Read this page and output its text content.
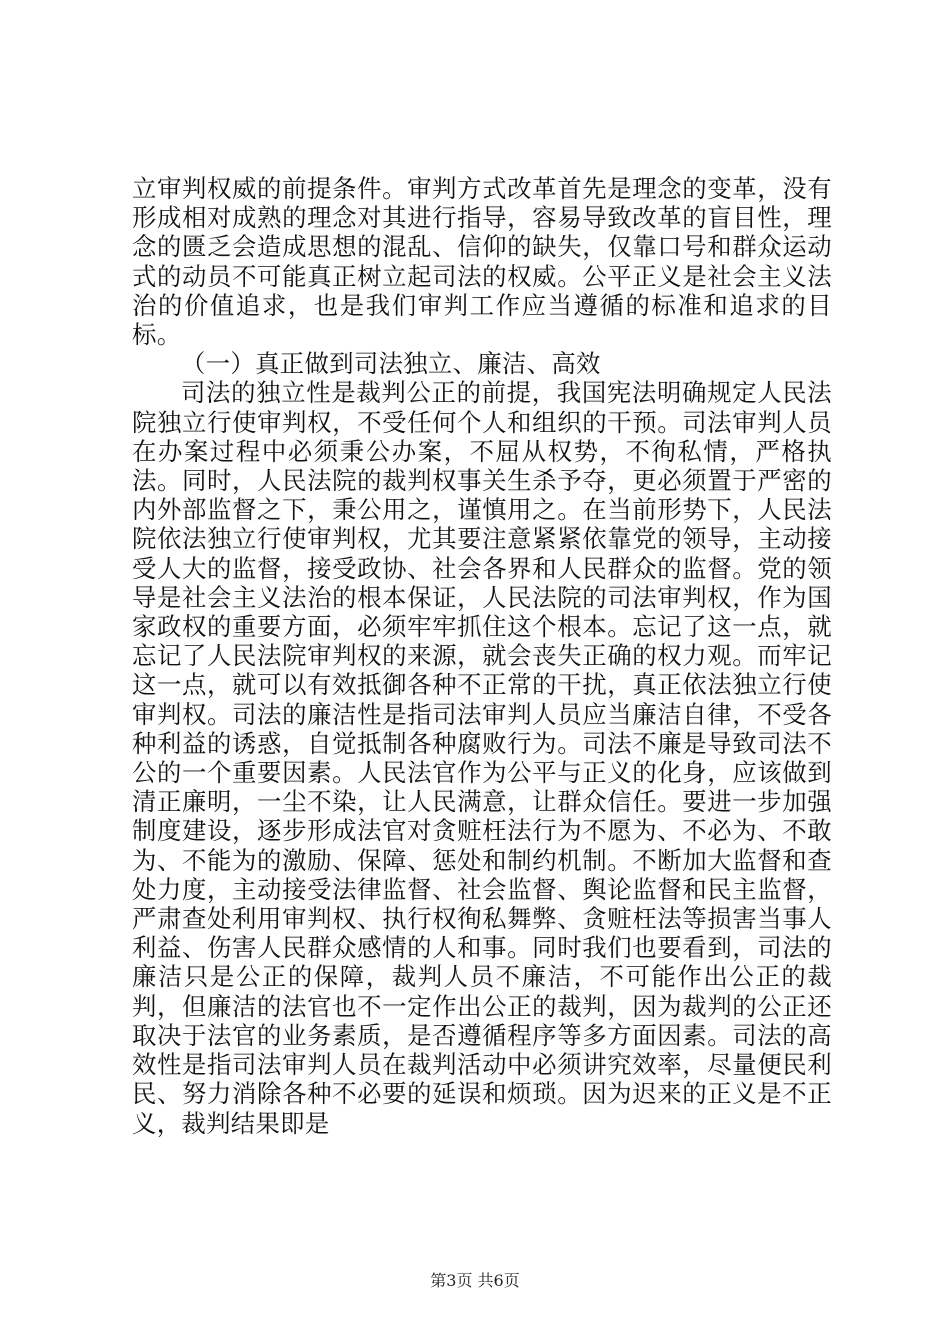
立审判权威的前提条件。审判方式改革首先是理念的变革，没有形成相对成熟的理念对其进行指导，容易导致改革的盲目性，理念的匮乏会造成思想的混乱、信仰的缺失，仅靠口号和群众运动式的动员不可能真正树立起司法的权威。公平正义是社会主义法治的价值追求，也是我们审判工作应当遵循的标准和追求的目标。

（一）真正做到司法独立、廉洁、高效

司法的独立性是裁判公正的前提，我国宪法明确规定人民法院独立行使审判权，不受任何个人和组织的干预。司法审判人员在办案过程中必须秉公办案，不屈从权势，不徇私情，严格执法。同时，人民法院的裁判权事关生杀予夺，更必须置于严密的内外部监督之下，秉公用之，谨慎用之。在当前形势下，人民法院依法独立行使审判权，尤其要注意紧紧依靠党的领导，主动接受人大的监督，接受政协、社会各界和人民群众的监督。党的领导是社会主义法治的根本保证，人民法院的司法审判权，作为国家政权的重要方面，必须牢牢抓住这个根本。忘记了这一点，就忘记了人民法院审判权的来源，就会丧失正确的权力观。而牢记这一点，就可以有效抵御各种不正常的干扰，真正依法独立行使审判权。司法的廉洁性是指司法审判人员应当廉洁自律，不受各种利益的诱惑，自觉抵制各种腐败行为。司法不廉是导致司法不公的一个重要因素。人民法官作为公平与正义的化身，应该做到清正廉明，一尘不染，让人民满意，让群众信任。要进一步加强制度建设，逐步形成法官对贪赃枉法行为不愿为、不必为、不敢为、不能为的激励、保障、惩处和制约机制。不断加大监督和查处力度，主动接受法律监督、社会监督、舆论监督和民主监督，严肃查处利用审判权、执行权徇私舞弊、贪赃枉法等损害当事人利益、伤害人民群众感情的人和事。同时我们也要看到，司法的廉洁只是公正的保障，裁判人员不廉洁，不可能作出公正的裁判，但廉洁的法官也不一定作出公正的裁判，因为裁判的公正还取决于法官的业务素质，是否遵循程序等多方面因素。司法的高效性是指司法审判人员在裁判活动中必须讲究效率，尽量便民利民、努力消除各种不必要的延误和烦琐。因为迟来的正义是不正义，裁判结果即是

第3页 共6页
